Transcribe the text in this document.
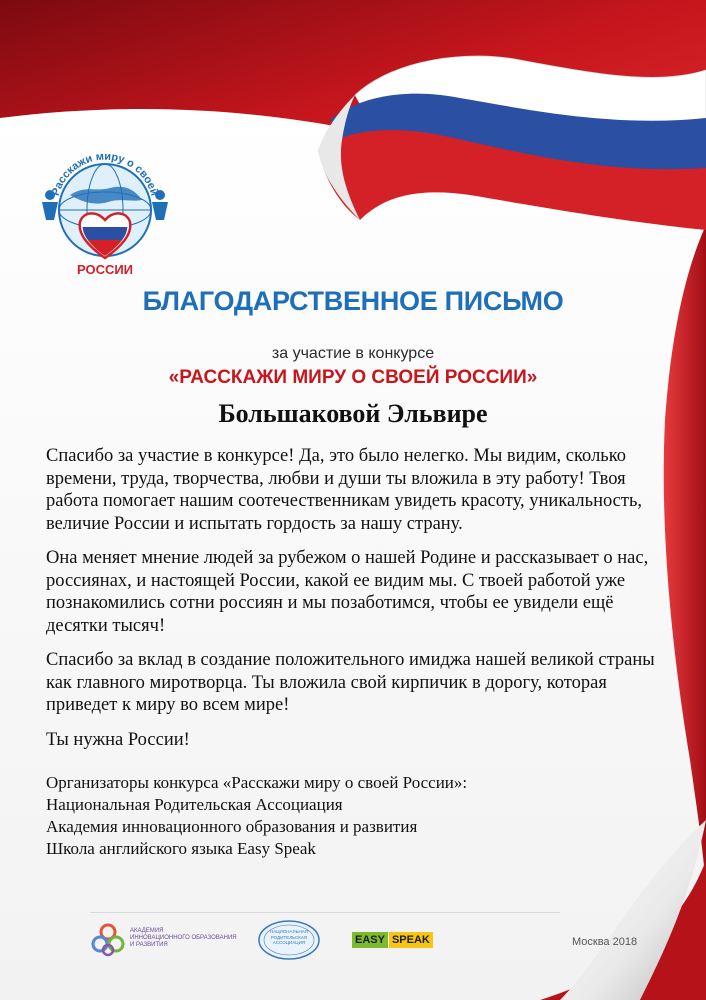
Расскажи миру о своей
РОССИИ
БЛАГОДАРСТВЕННОЕ ПИСЬМО
за участие в конкурсе
«РАССКАЖИ МИРУ О СВОЕЙ РОССИИ»
Большаковой Эльвире

Спасибо за участие в конкурсе! Да, это было нелегко. Мы видим, сколько времени, труда, творчества, любви и души ты вложила в эту работу! Твоя работа помогает нашим соотечественникам увидеть красоту, уникальность, величие России и испытать гордость за нашу страну.

Она меняет мнение людей за рубежом о нашей Родине и рассказывает о нас, россиянах, и настоящей России, какой ее видим мы. С твоей работой уже познакомились сотни россиян и мы позаботимся, чтобы ее увидели ещё десятки тысяч!

Спасибо за вклад в создание положительного имиджа нашей великой страны как главного миротворца. Ты вложила свой кирпичик в дорогу, которая приведет к миру во всем мире!

Ты нужна России!

Организаторы конкурса «Расскажи миру о своей России»:
Национальная Родительская Ассоциация
Академия инновационного образования и развития
Школа английского языка Easy Speak
АКАДЕМИЯ
ИННОВАЦИОННОГО ОБРАЗОВАНИЯ
И РАЗВИТИЯ
НАЦИОНАЛЬНАЯ
РОДИТЕЛЬСКАЯ
АССОЦИАЦИЯ	EASY SPEAK	Москва 2018
